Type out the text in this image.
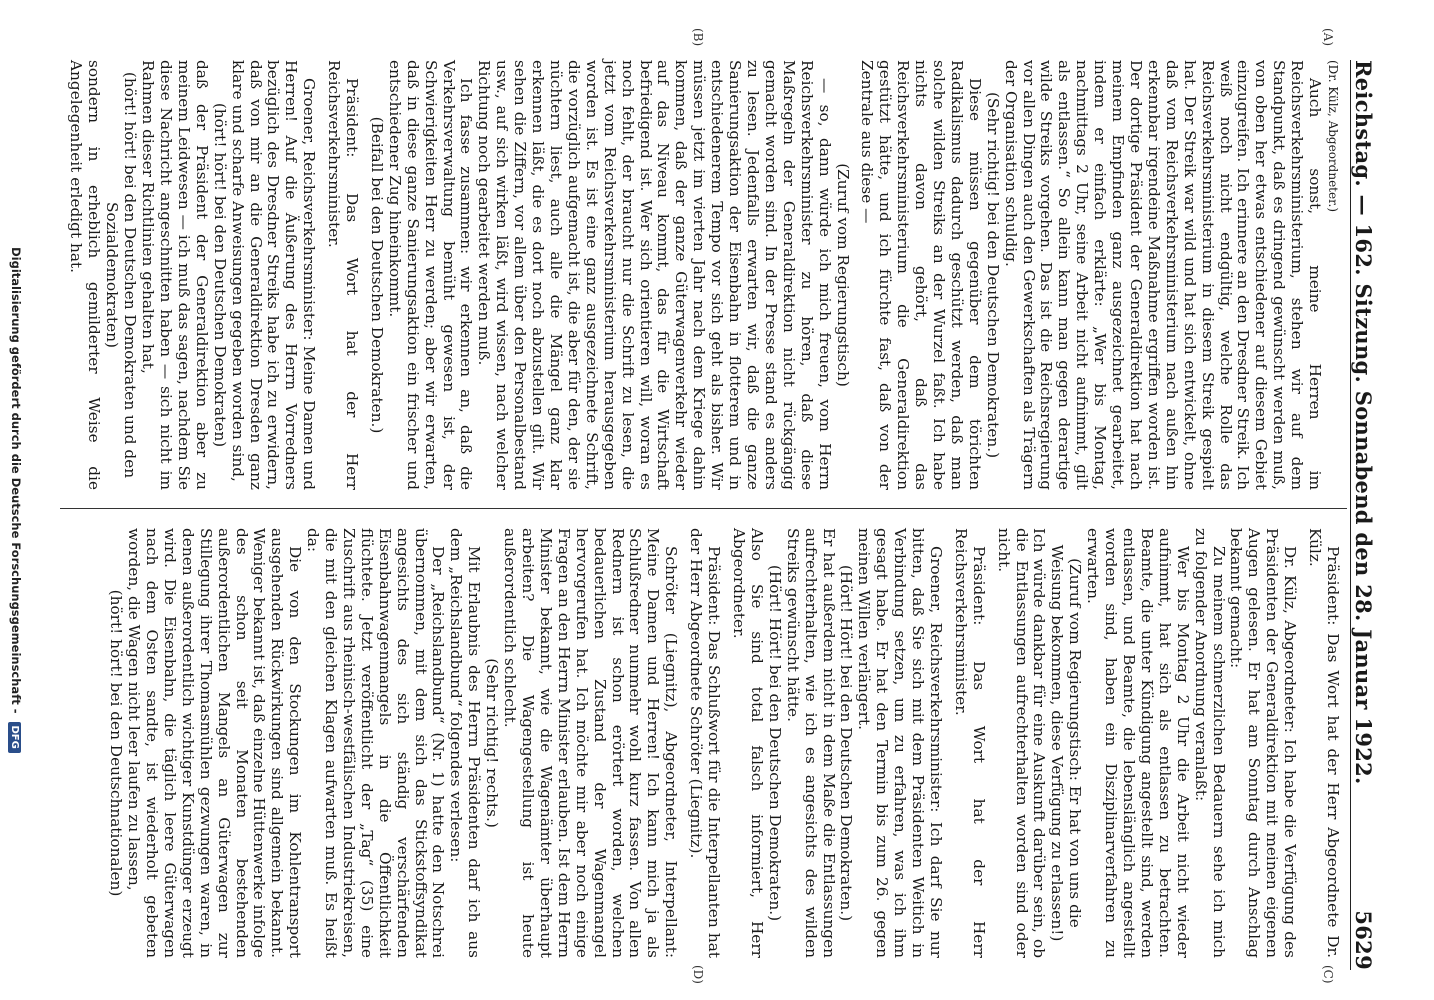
Reichstag. — 162. Sitzung. Sonnabend den 28. Januar 1922.
5629
(A)
(B)
(C)
(D)

(Dr. Külz, Abgeordneter.)

Auch sonst, meine Herren im Reichsverkehrsministerium, stehen wir auf dem Standpunkt, daß es dringend gewünscht werden muß, von oben her etwas entschiedener auf diesem Gebiet einzugreifen. Ich erinnere an den Dresdner Streik. Ich weiß noch nicht endgültig, welche Rolle das Reichsverkehrsministerium in diesem Streik gespielt hat. Der Streik war wild und hat sich entwickelt, ohne daß vom Reichsverkehrsministerium nach außen hin erkennbar irgendeine Maßnahme ergriffen worden ist. Der dortige Präsident der Generaldirektion hat nach meinem Empfinden ganz ausgezeichnet gearbeitet, indem er einfach erklärte: „Wer bis Montag, nachmittags 2 Uhr, seine Arbeit nicht aufnimmt, gilt als entlassen.“ So allein kann man gegen derartige wilde Streiks vorgehen. Das ist die Reichsregierung vor allen Dingen auch den Gewerkschaften als Trägern der Organisation schuldig.

(Sehr richtig! bei den Deutschen Demokraten.)

Diese müssen gegenüber dem törichten Radikalismus dadurch geschützt werden, daß man solche wilden Streiks an der Wurzel faßt. Ich habe nichts davon gehört, daß das Reichsverkehrsministerium die Generaldirektion gestützt hätte, und ich fürchte fast, daß von der Zentrale aus diese —

(Zuruf vom Regierungstisch)

— so, dann würde ich mich freuen, vom Herrn Reichsverkehrsminister zu hören, daß diese Maßregeln der Generaldirektion nicht rückgängig gemacht worden sind. In der Presse stand es anders zu lesen. Jedenfalls erwarten wir, daß die ganze Sanierungsaktion der Eisenbahn in flotterem und in entschiedenerem Tempo vor sich geht als bisher. Wir müssen jetzt im vierten Jahr nach dem Kriege dahin kommen, daß der ganze Güterwagenverkehr wieder auf das Niveau kommt, das für die Wirtschaft befriedigend ist. Wer sich orientieren will, woran es noch fehlt, der braucht nur die Schrift zu lesen, die jetzt vom Reichsverkehrsministerium herausgegeben worden ist. Es ist eine ganz ausgezeichnete Schrift, die vorzüglich aufgemacht ist, die aber für den, der sie nüchtern liest, auch alle die Mängel ganz klar erkennen läßt, die es dort noch abzustellen gilt. Wir sehen die Ziffern, vor allem über den Personalbestand usw., auf sich wirken läßt, wird wissen, nach welcher Richtung noch gearbeitet werden muß.

Ich fasse zusammen: wir erkennen an, daß die Verkehrsverwaltung bemüht gewesen ist, der Schwierigkeiten Herr zu werden; aber wir erwarten, daß in diese ganze Sanierungsaktion ein frischer und entschiedener Zug hineinkommt.

(Beifall bei den Deutschen Demokraten.)

Präsident: Das Wort hat der Herr Reichsverkehrsminister.

Groener, Reichsverkehrsminister: Meine Damen und Herren! Auf die Äußerung des Herrn Vorredners bezüglich des Dresdner Streiks habe ich zu erwidern, daß von mir an die Generaldirektion Dresden ganz klare und scharfe Anweisungen gegeben worden sind,

(hört! hört! bei den Deutschen Demokraten)

daß der Präsident der Generaldirektion aber zu meinem Leidwesen — ich muß das sagen, nachdem Sie diese Nachricht angeschnitten haben — sich nicht im Rahmen dieser Richtlinien gehalten hat,

(hört! hört! bei den Deutschen Demokraten und den Sozialdemokraten)

sondern in erheblich gemilderter Weise die Angelegenheit erledigt hat.

Präsident: Das Wort hat der Herr Abgeordnete Dr. Külz.

Dr. Külz, Abgeordneter: Ich habe die Verfügung des Präsidenten der Generaldirektion mit meinen eigenen Augen gelesen. Er hat am Sonntag durch Anschlag bekannt gemacht:

Zu meinem schmerzlichen Bedauern sehe ich mich zu folgender Anordnung veranlaßt:

Wer bis Montag 2 Uhr die Arbeit nicht wieder aufnimmt, hat sich als entlassen zu betrachten. Beamte, die unter Kündigung angestellt sind, werden entlassen, und Beamte, die lebenslänglich angestellt worden sind, haben ein Disziplinarverfahren zu erwarten.

(Zuruf vom Regierungstisch: Er hat von uns die Weisung bekommen, diese Verfügung zu erlassen!)

Ich würde dankbar für eine Auskunft darüber sein, ob die Entlassungen aufrechterhalten worden sind oder nicht.

Präsident: Das Wort hat der Herr Reichsverkehrsminister.

Groener, Reichsverkehrsminister: Ich darf Sie nur bitten, daß Sie sich mit dem Präsidenten Weitich in Verbindung setzen, um zu erfahren, was ich ihm gesagt habe. Er hat den Termin bis zum 26. gegen meinen Willen verlängert.

(Hört! Hört! bei den Deutschen Demokraten.)

Er hat außerdem nicht in dem Maße die Entlassungen aufrechterhalten, wie ich es angesichts des wilden Streiks gewünscht hätte.

(Hört! Hört! bei den Deutschen Demokraten.)

Also Sie sind total falsch informiert, Herr Abgeordneter.

Präsident: Das Schlußwort für die Interpellanten hat der Herr Abgeordnete Schröter (Liegnitz).

Schröter (Liegnitz), Abgeordneter, Interpellant: Meine Damen und Herren! Ich kann mich ja als Schlußredner nunmehr wohl kurz fassen. Von allen Rednern ist schon erörtert worden, welchen bedauerlichen Zustand der Wagenmangel hervorgerufen hat. Ich möchte mir aber noch einige Fragen an den Herrn Minister erlauben. Ist dem Herrn Minister bekannt, wie die Wagenämter überhaupt arbeiten? Die Wagengestellung ist heute außerordentlich schlecht.

(Sehr richtig! rechts.)

Mit Erlaubnis des Herrn Präsidenten darf ich aus dem „Reichslandbund“ folgendes verlesen:

Der „Reichslandbund“ (Nr. 1) hatte den Notschrei übernommen, mit dem sich das Stickstoffsyndikat angesichts des sich ständig verschärfenden Eisenbahnwagenmangels in die Öffentlichkeit flüchtete. Jetzt veröffentlicht der „Tag“ (35) eine Zuschrift aus rheinisch-westfälischen Industriekreisen, die mit den gleichen Klagen aufwarten muß. Es heißt da:

Die von den Stockungen im Kohlentransport ausgehenden Rückwirkungen sind allgemein bekannt. Weniger bekannt ist, daß einzelne Hüttenwerke infolge des schon seit Monaten bestehenden außerordentlichen Mangels an Güterwagen zur Stillegung ihrer Thomasmühlen gezwungen waren, in denen außerordentlich wichtiger Kunstdünger erzeugt wird. Die Eisenbahn, die täglich leere Güterwagen nach dem Osten sandte, ist wiederholt gebeten worden, die Wagen nicht leer laufen zu lassen,

(hört! hört! bei den Deutschnationalen)

Digitalisierung gefördert durch die Deutsche Forschungsgemeinschaft - DFG
